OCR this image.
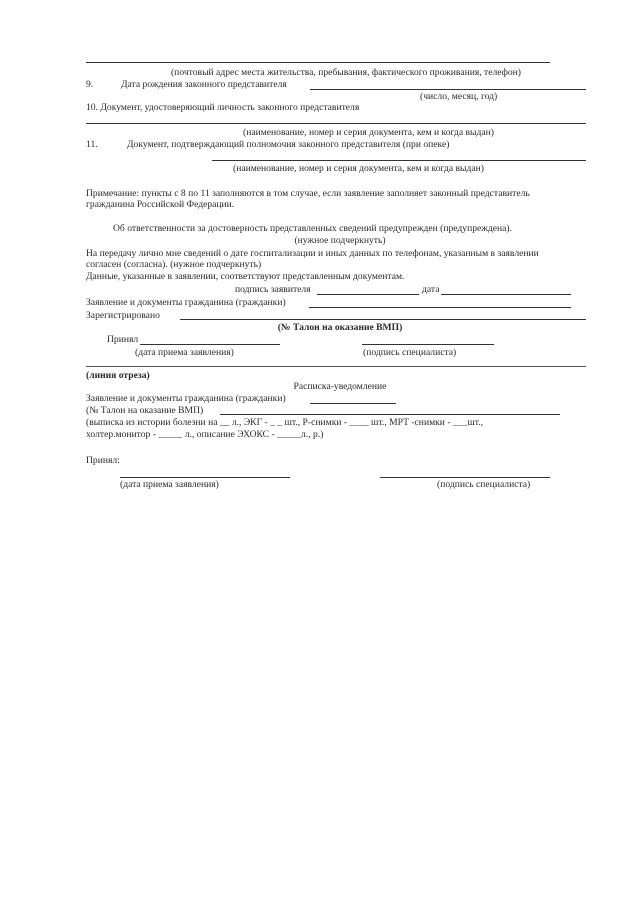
(почтовый адрес места жительства, пребывания, фактического проживания, телефон)
9.	Дата рождения законного представителя
(число, месяц, год)
10. Документ, удостоверяющий личность законного представителя
(наименование, номер и серия документа, кем и когда выдан)
11.	Документ, подтверждающий полномочия законного представителя (при опеке)
(наименование, номер и серия документа, кем и когда выдан)
Примечание: пункты с 8 по 11 заполняются в том случае, если заявление заполняет законный представитель
гражданина Российской Федерации.
Об ответственности за достоверность представленных сведений предупрежден (предупреждена).
(нужное подчеркнуть)
На передачу лично мне сведений о дате госпитализации и иных данных по телефонам, указанным в заявлении
согласен (согласна). (нужное подчеркнуть)
Данные, указанные в заявлении, соответствуют представленным документам.
подпись заявителя	дата
Заявление и документы гражданина (гражданки)
Зарегистрировано
(№ Талон на оказание ВМП)
Принял
(дата приема заявления)	(подпись специалиста)
(линия отреза)
Расписка-уведомление
Заявление и документы гражданина (гражданки)
(№ Талон на оказание ВМП)
(выписка из истории болезни на __ л., ЭКГ - _ _ шт., Р-снимки - ____ шт., МРТ -снимки - ___шт.,
холтер.монитор - _____ л., описание ЭХОКС - _____л., р.)
Принял:
(дата приема заявления)	(подпись специалиста)
